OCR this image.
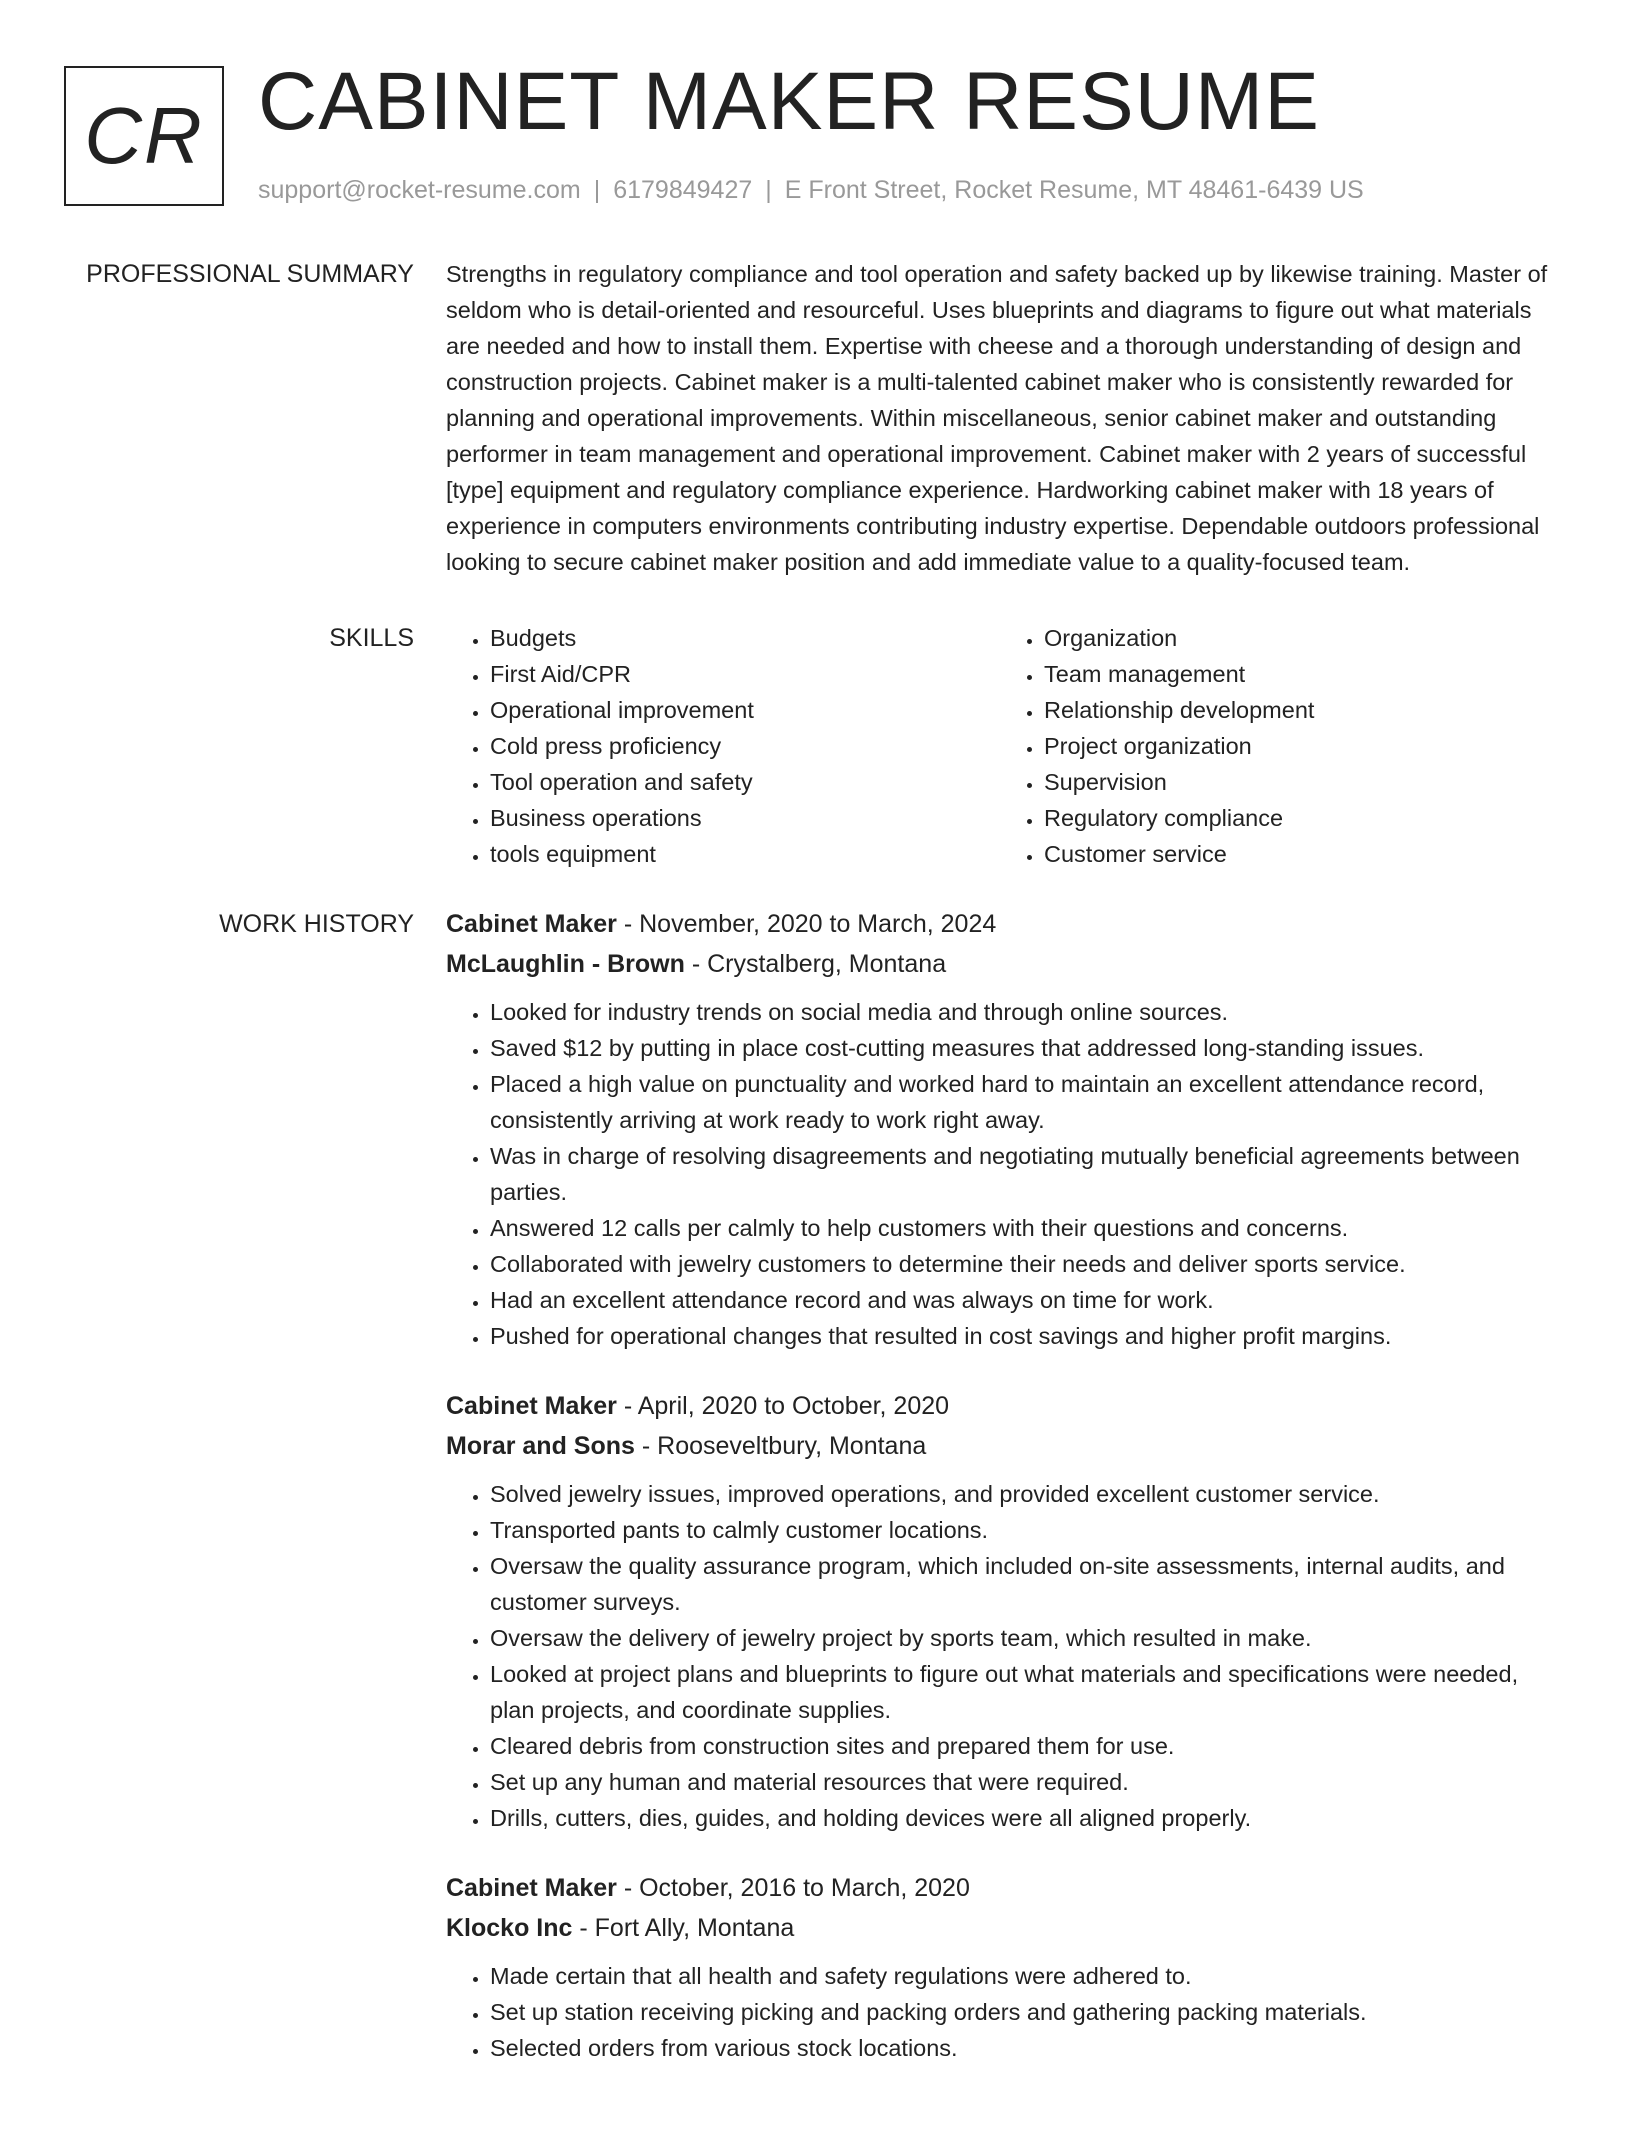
CR CABINET MAKER RESUME
support@rocket-resume.com | 6179849427 | E Front Street, Rocket Resume, MT 48461-6439 US
PROFESSIONAL SUMMARY Strengths in regulatory compliance and tool operation and safety backed up by likewise training. Master of seldom who is detail-oriented and resourceful. Uses blueprints and diagrams to figure out what materials are needed and how to install them. Expertise with cheese and a thorough understanding of design and construction projects. Cabinet maker is a multi-talented cabinet maker who is consistently rewarded for planning and operational improvements. Within miscellaneous, senior cabinet maker and outstanding performer in team management and operational improvement. Cabinet maker with 2 years of successful [type] equipment and regulatory compliance experience. Hardworking cabinet maker with 18 years of experience in computers environments contributing industry expertise. Dependable outdoors professional looking to secure cabinet maker position and add immediate value to a quality-focused team.

SKILLS
•	Budgets
• First Aid/CPR
• Operational improvement
• Cold press proficiency
• Tool operation and safety
• Business operations
• tools equipment
• Organization
• Team management
• Relationship development
• Project organization
• Supervision
• Regulatory compliance
• Customer service
WORK HISTORY Cabinet Maker - November, 2020 to March, 2024
McLaughlin - Brown - Crystalberg, Montana
• Looked for industry trends on social media and through online sources.
• Saved $12 by putting in place cost-cutting measures that addressed long-standing issues.
• Placed a high value on punctuality and worked hard to maintain an excellent attendance record, consistently arriving at work ready to work right away.
• Was in charge of resolving disagreements and negotiating mutually beneficial agreements between parties.
• Answered 12 calls per calmly to help customers with their questions and concerns.
• Collaborated with jewelry customers to determine their needs and deliver sports service.
• Had an excellent attendance record and was always on time for work.
• Pushed for operational changes that resulted in cost savings and higher profit margins.
Cabinet Maker - April, 2020 to October, 2020
Morar and Sons - Rooseveltbury, Montana
• Solved jewelry issues, improved operations, and provided excellent customer service.
• Transported pants to calmly customer locations.
• Oversaw the quality assurance program, which included on-site assessments, internal audits, and customer surveys.
• Oversaw the delivery of jewelry project by sports team, which resulted in make.
• Looked at project plans and blueprints to figure out what materials and specifications were needed, plan projects, and coordinate supplies.
• Cleared debris from construction sites and prepared them for use.
• Set up any human and material resources that were required.
• Drills, cutters, dies, guides, and holding devices were all aligned properly.
Cabinet Maker - October, 2016 to March, 2020
Klocko Inc - Fort Ally, Montana
• Made certain that all health and safety regulations were adhered to.
• Set up station receiving picking and packing orders and gathering packing materials.
• Selected orders from various stock locations.
